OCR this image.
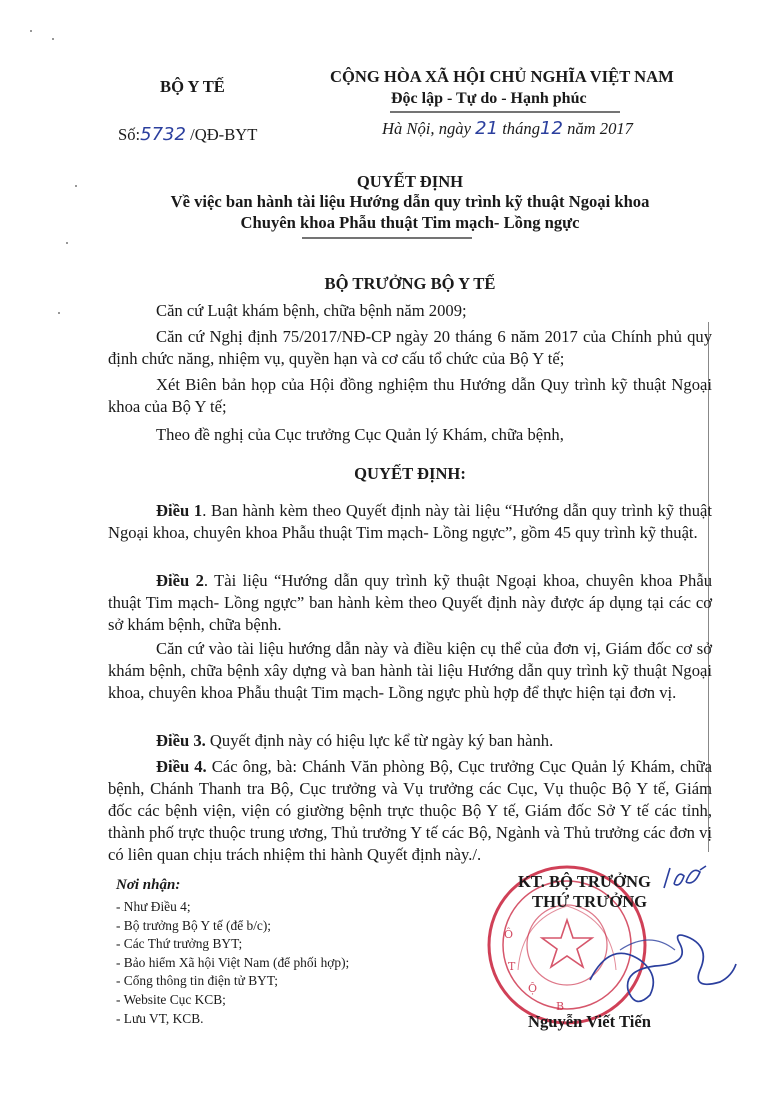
BỘ Y TẾ
Số:5732 /QĐ-BYT
CỘNG HÒA XÃ HỘI CHỦ NGHĨA VIỆT NAM
Độc lập - Tự do - Hạnh phúc
Hà Nội, ngày 21 tháng12 năm 2017
QUYẾT ĐỊNH
Về việc ban hành tài liệu Hướng dẫn quy trình kỹ thuật Ngoại khoa
Chuyên khoa Phẫu thuật Tim mạch- Lồng ngực
BỘ TRƯỞNG BỘ Y TẾ
Căn cứ Luật khám bệnh, chữa bệnh năm 2009;
Căn cứ Nghị định 75/2017/NĐ-CP ngày 20 tháng 6 năm 2017 của Chính phủ quy định chức năng, nhiệm vụ, quyền hạn và cơ cấu tổ chức của Bộ Y tế;
Xét Biên bản họp của Hội đồng nghiệm thu Hướng dẫn Quy trình kỹ thuật Ngoại khoa của Bộ Y tế;
Theo đề nghị của Cục trưởng Cục Quản lý Khám, chữa bệnh,
QUYẾT ĐỊNH:
Điều 1. Ban hành kèm theo Quyết định này tài liệu “Hướng dẫn quy trình kỹ thuật Ngoại khoa, chuyên khoa Phẫu thuật Tim mạch- Lồng ngực”, gồm 45 quy trình kỹ thuật.
Điều 2. Tài liệu “Hướng dẫn quy trình kỹ thuật Ngoại khoa, chuyên khoa Phẫu thuật Tim mạch- Lồng ngực” ban hành kèm theo Quyết định này được áp dụng tại các cơ sở khám bệnh, chữa bệnh.
Căn cứ vào tài liệu hướng dẫn này và điều kiện cụ thể của đơn vị, Giám đốc cơ sở khám bệnh, chữa bệnh xây dựng và ban hành tài liệu Hướng dẫn quy trình kỹ thuật Ngoại khoa, chuyên khoa Phẫu thuật Tim mạch- Lồng ngực phù hợp để thực hiện tại đơn vị.
Điều 3. Quyết định này có hiệu lực kể từ ngày ký ban hành.
Điều 4. Các ông, bà: Chánh Văn phòng Bộ, Cục trưởng Cục Quản lý Khám, chữa bệnh, Chánh Thanh tra Bộ, Cục trưởng và Vụ trưởng các Cục, Vụ thuộc Bộ Y tế, Giám đốc các bệnh viện, viện có giường bệnh trực thuộc Bộ Y tế, Giám đốc Sở Y tế các tỉnh, thành phố trực thuộc trung ương, Thủ trưởng Y tế các Bộ, Ngành và Thủ trưởng các đơn vị có liên quan chịu trách nhiệm thi hành Quyết định này./.
Nơi nhận:
- Như Điều 4;
- Bộ trưởng Bộ Y tế (để b/c);
- Các Thứ trưởng BYT;
- Bảo hiểm Xã hội Việt Nam (để phối hợp);
- Cổng thông tin điện tử BYT;
- Website Cục KCB;
- Lưu VT, KCB.
Ô
T
Ộ
B
KT. BỘ TRƯỞNG
THỨ TRƯỞNG
Nguyễn Viết Tiến
